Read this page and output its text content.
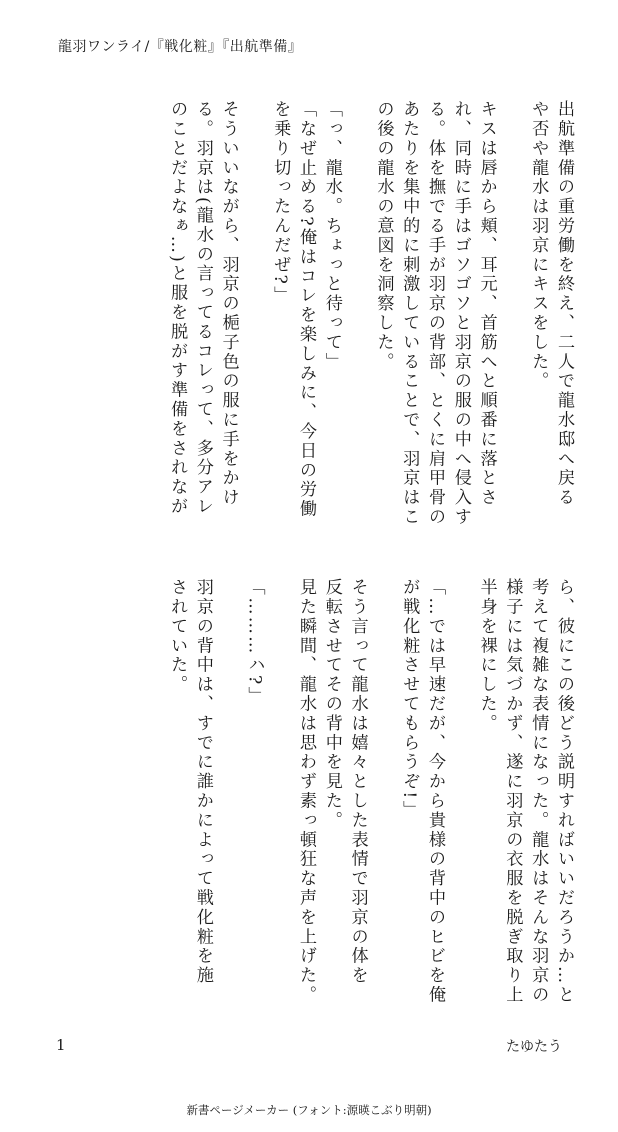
龍羽ワンライ/『戦化粧』『出航準備』
出航準備の重労働を終え、二人で龍水邸へ戻る
や否や龍水は羽京にキスをした。
キスは唇から頬、耳元、首筋へと順番に落とさ
れ、同時に手はゴソゴソと羽京の服の中へ侵入す
る。体を撫でる手が羽京の背部、とくに肩甲骨の
あたりを集中的に刺激していることで、羽京はこ
の後の龍水の意図を洞察した。
「っ、龍水。ちょっと待って」
「なぜ止める?俺はコレを楽しみに、今日の労働
を乗り切ったんだぜ?」
そういいながら、羽京の梔子色の服に手をかけ
る。羽京は(龍水の言ってるコレって、多分アレ
のことだよなぁ…)と服を脱がす準備をされなが
ら、彼にこの後どう説明すればいいだろうか…と
考えて複雑な表情になった。龍水はそんな羽京の
様子には気づかず、遂に羽京の衣服を脱ぎ取り上
半身を裸にした。
「…では早速だが、今から貴様の背中のヒビを俺
が戦化粧させてもらうぞ!」
そう言って龍水は嬉々とした表情で羽京の体を
反転させてその背中を見た。
見た瞬間、龍水は思わず素っ頓狂な声を上げた。
「………ハ?」
羽京の背中は、すでに誰かによって戦化粧を施
されていた。
1	たゆたう
新書ページメーカー (フォント:源暎こぶり明朝)
